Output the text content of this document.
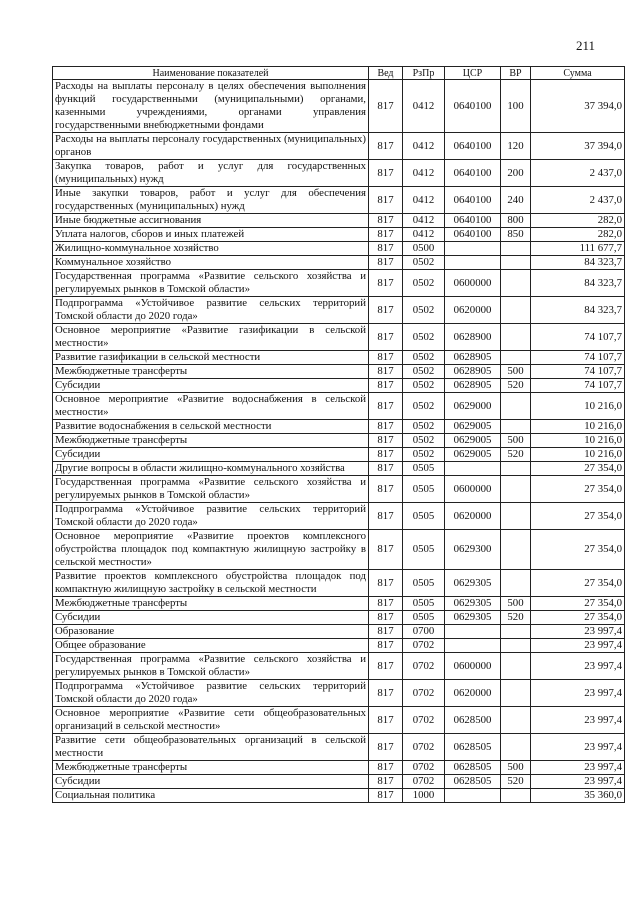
211
Наименование показателей	Вед	РзПр	ЦСР	ВР	Сумма
Расходы на выплаты персоналу в целях обеспечения выполнения функций государственными (муниципальными) органами, казенными учреждениями, органами управления государственными внебюджетными фондами	817	0412	0640100	100	37 394,0
Расходы на выплаты персоналу государственных (муниципальных) органов	817	0412	0640100	120	37 394,0
Закупка товаров, работ и услуг для государственных (муниципальных) нужд	817	0412	0640100	200	2 437,0
Иные закупки товаров, работ и услуг для обеспечения государственных (муниципальных) нужд	817	0412	0640100	240	2 437,0
Иные бюджетные ассигнования	817	0412	0640100	800	282,0
Уплата налогов, сборов и иных платежей	817	0412	0640100	850	282,0
Жилищно-коммунальное хозяйство	817	0500			111 677,7
Коммунальное хозяйство	817	0502			84 323,7
Государственная программа «Развитие сельского хозяйства и регулируемых рынков в Томской области»	817	0502	0600000		84 323,7
Подпрограмма «Устойчивое развитие сельских территорий Томской области до 2020 года»	817	0502	0620000		84 323,7
Основное мероприятие «Развитие газификации в сельской местности»	817	0502	0628900		74 107,7
Развитие газификации в сельской местности	817	0502	0628905		74 107,7
Межбюджетные трансферты	817	0502	0628905	500	74 107,7
Субсидии	817	0502	0628905	520	74 107,7
Основное мероприятие «Развитие водоснабжения в сельской местности»	817	0502	0629000		10 216,0
Развитие водоснабжения в сельской местности	817	0502	0629005		10 216,0
Межбюджетные трансферты	817	0502	0629005	500	10 216,0
Субсидии	817	0502	0629005	520	10 216,0
Другие вопросы в области жилищно-коммунального хозяйства	817	0505			27 354,0
Государственная программа «Развитие сельского хозяйства и регулируемых рынков в Томской области»	817	0505	0600000		27 354,0
Подпрограмма «Устойчивое развитие сельских территорий Томской области до 2020 года»	817	0505	0620000		27 354,0
Основное мероприятие «Развитие проектов комплексного обустройства площадок под компактную жилищную застройку в сельской местности»	817	0505	0629300		27 354,0
Развитие проектов комплексного обустройства площадок под компактную жилищную застройку в сельской местности	817	0505	0629305		27 354,0
Межбюджетные трансферты	817	0505	0629305	500	27 354,0
Субсидии	817	0505	0629305	520	27 354,0
Образование	817	0700			23 997,4
Общее образование	817	0702			23 997,4
Государственная программа «Развитие сельского хозяйства и регулируемых рынков в Томской области»	817	0702	0600000		23 997,4
Подпрограмма «Устойчивое развитие сельских территорий Томской области до 2020 года»	817	0702	0620000		23 997,4
Основное мероприятие «Развитие сети общеобразовательных организаций в сельской местности»	817	0702	0628500		23 997,4
Развитие сети общеобразовательных организаций в сельской местности	817	0702	0628505		23 997,4
Межбюджетные трансферты	817	0702	0628505	500	23 997,4
Субсидии	817	0702	0628505	520	23 997,4
Социальная политика	817	1000			35 360,0
